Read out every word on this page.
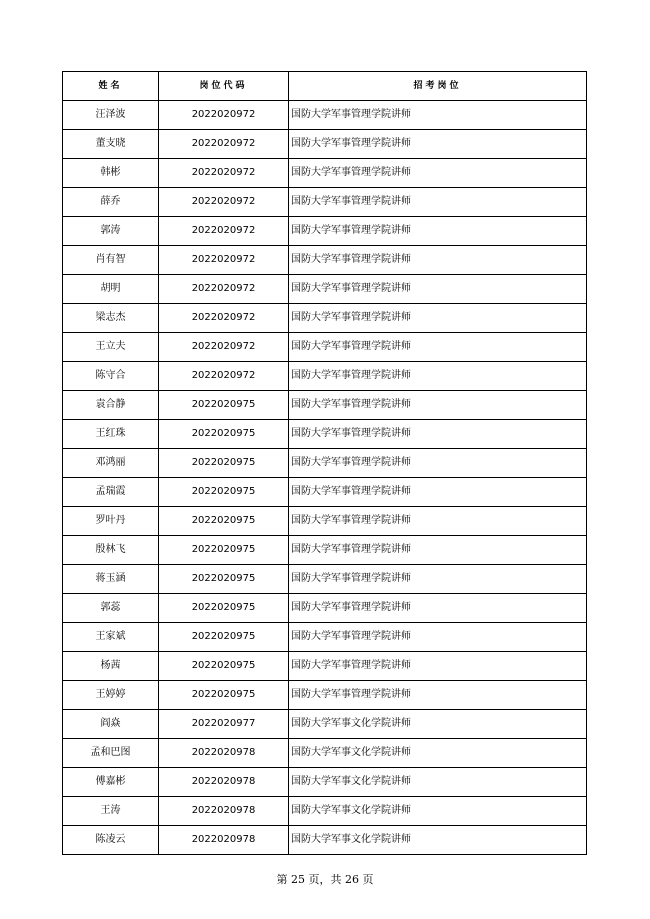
姓名	岗位代码	招考岗位
汪泽波	2022020972	国防大学军事管理学院讲师
董支晓	2022020972	国防大学军事管理学院讲师
韩彬	2022020972	国防大学军事管理学院讲师
薛乔	2022020972	国防大学军事管理学院讲师
郭涛	2022020972	国防大学军事管理学院讲师
肖有智	2022020972	国防大学军事管理学院讲师
胡明	2022020972	国防大学军事管理学院讲师
梁志杰	2022020972	国防大学军事管理学院讲师
王立夫	2022020972	国防大学军事管理学院讲师
陈守合	2022020972	国防大学军事管理学院讲师
袁合静	2022020975	国防大学军事管理学院讲师
王红珠	2022020975	国防大学军事管理学院讲师
邓鸿丽	2022020975	国防大学军事管理学院讲师
孟瑞霞	2022020975	国防大学军事管理学院讲师
罗叶丹	2022020975	国防大学军事管理学院讲师
殷林飞	2022020975	国防大学军事管理学院讲师
蒋玉涵	2022020975	国防大学军事管理学院讲师
郭蕊	2022020975	国防大学军事管理学院讲师
王家斌	2022020975	国防大学军事管理学院讲师
杨茜	2022020975	国防大学军事管理学院讲师
王婷婷	2022020975	国防大学军事管理学院讲师
阎焱	2022020977	国防大学军事文化学院讲师
孟和巴图	2022020978	国防大学军事文化学院讲师
傅嘉彬	2022020978	国防大学军事文化学院讲师
王涛	2022020978	国防大学军事文化学院讲师
陈凌云	2022020978	国防大学军事文化学院讲师
第 25 页，共 26 页
